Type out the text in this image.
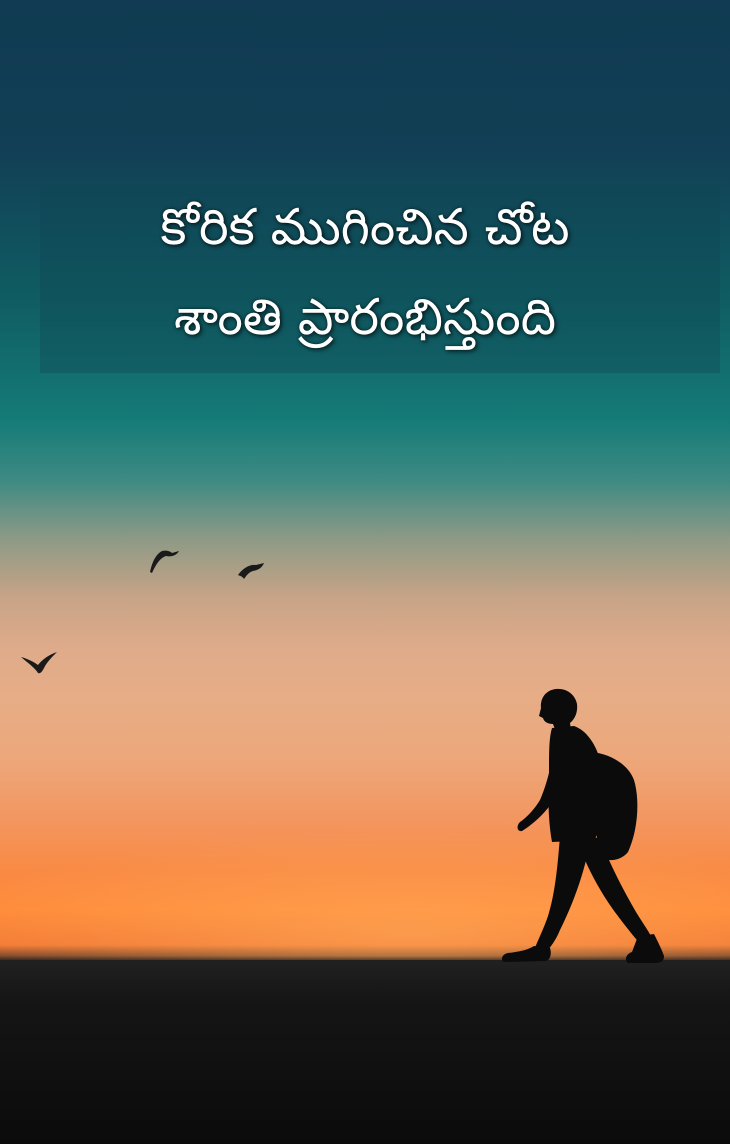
కోరిక ముగించిన చోట
శాంతి ప్రారంభిస్తుంది
